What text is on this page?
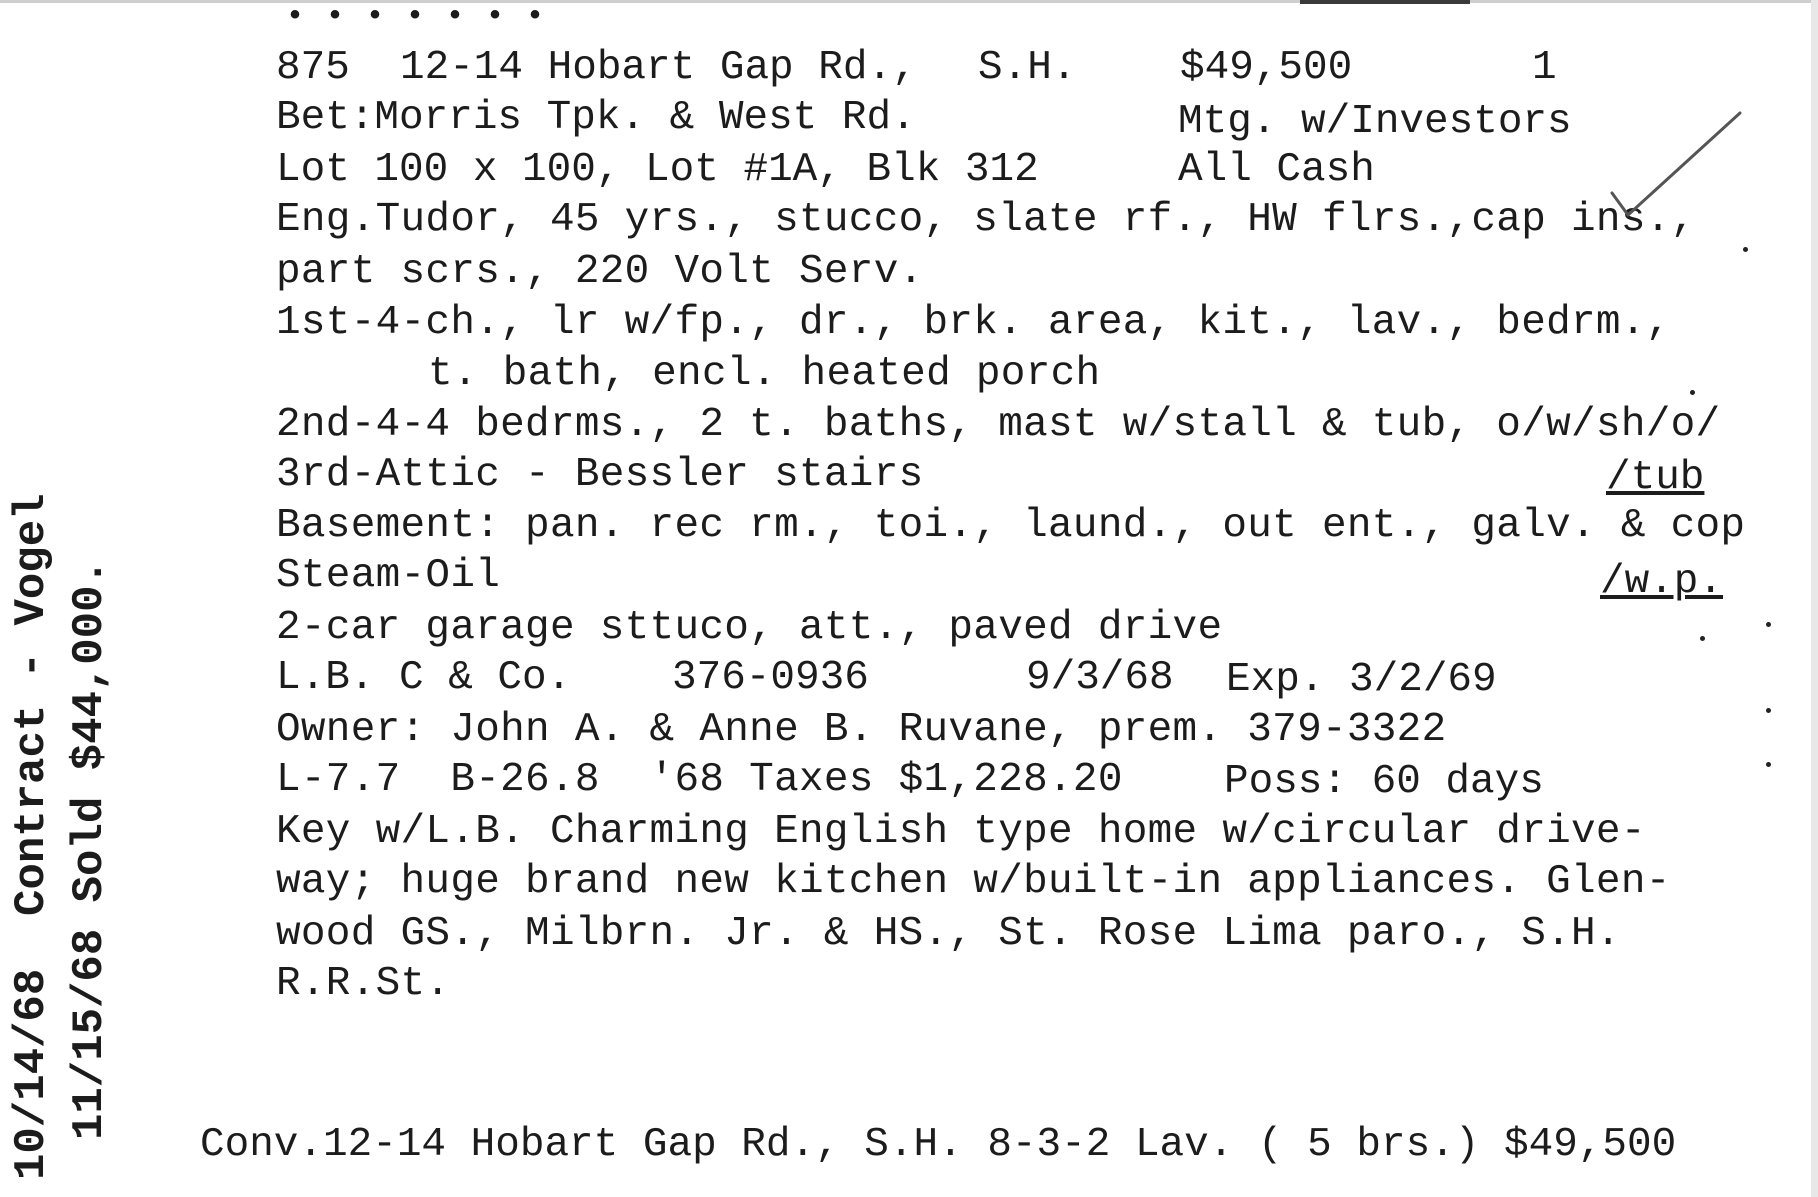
• • • • • • •
875 12-14 Hobart Gap Rd., S.H.	$49,500	1
Bet:Morris Tpk. & West Rd.	Mtg. w/Investors
Lot 100 x 100, Lot #1A, Blk 312	All Cash
Eng.Tudor, 45 yrs., stucco, slate rf., HW flrs.,cap ins.,
part scrs., 220 Volt Serv.
1st-4-ch., lr w/fp., dr., brk. area, kit., lav., bedrm.,
t. bath, encl. heated porch
2nd-4-4 bedrms., 2 t. baths, mast w/stall & tub, o/w/sh/o/
3rd-Attic - Bessler stairs	/tub
Basement: pan. rec rm., toi., laund., out ent., galv. & cop
Steam-Oil	/w.p.
2-car garage sttuco, att., paved drive
L.B. C & Co. 376-0936	9/3/68 Exp. 3/2/69
Owner: John A. & Anne B. Ruvane, prem. 379-3322
L-7.7  B-26.8  '68 Taxes $1,228.20 Poss: 60 days
Key w/L.B. Charming English type home w/circular drive-
way; huge brand new kitchen w/built-in appliances. Glen-
wood GS., Milbrn. Jr. & HS., St. Rose Lima paro., S.H.
R.R.St.
10/14/68  Contract - Vogel 11/15/68 Sold $44,000.
Conv.12-14 Hobart Gap Rd., S.H. 8-3-2 Lav. ( 5 brs.) $49,500
